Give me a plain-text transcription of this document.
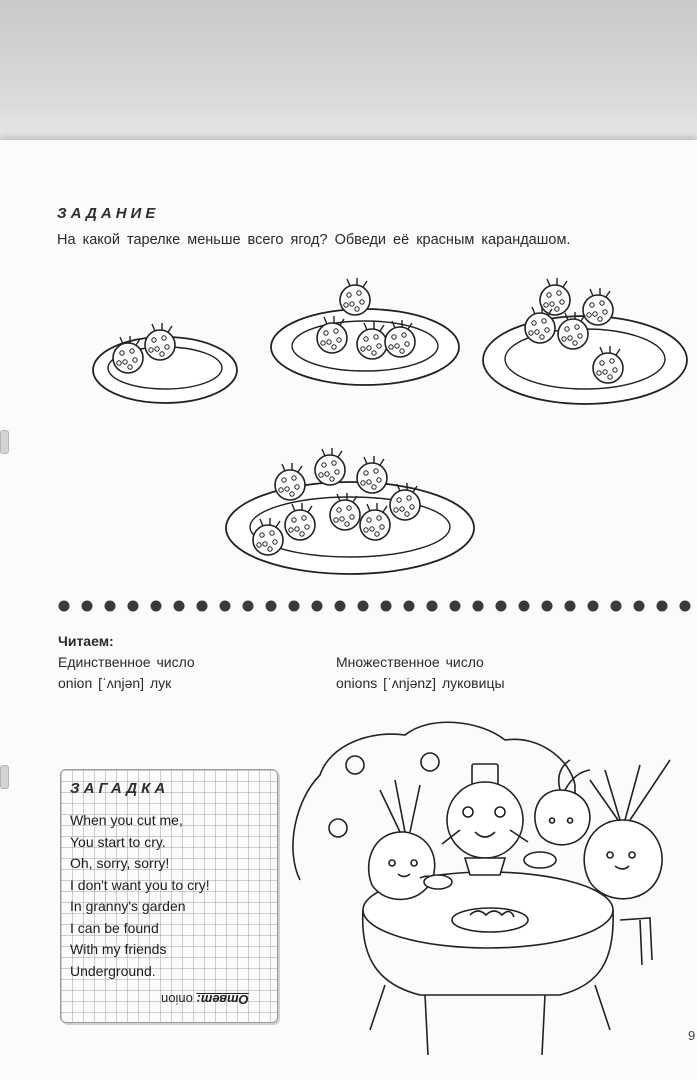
ЗАДАНИЕ
На какой тарелке меньше всего ягод? Обведи её красным карандашом.
Читаем:
Единственное число
onion [ˈʌnjən] лук
Множественное число
onions [ˈʌnjənz] луковицы
ЗАГАДКА
When you cut me,
You start to cry.
Oh, sorry, sorry!
I don't want you to cry!
In granny's garden
I can be found
With my friends
Underground.
Ответ: onion
9
